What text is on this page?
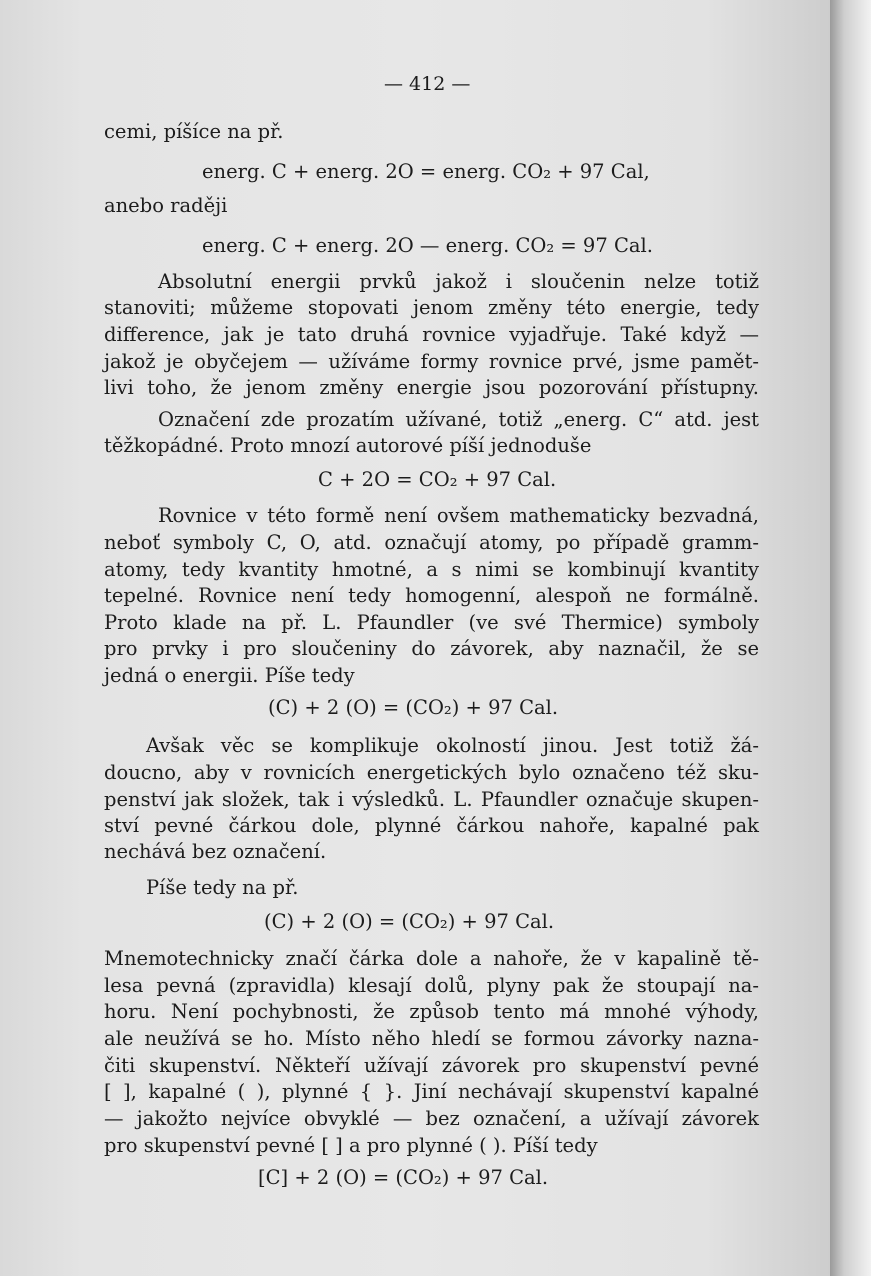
— 412 —
cemi, píšíce na př.
energ. C + energ. 2O = energ. CO₂ + 97 Cal,
anebo raději
energ. C + energ. 2O — energ. CO₂ = 97 Cal.
Absolutní energii prvků jakož i sloučenin nelze totiž
stanoviti; můžeme stopovati jenom změny této energie, tedy
difference, jak je tato druhá rovnice vyjadřuje. Také když —
jakož je obyčejem — užíváme formy rovnice prvé, jsme pamět-
livi toho, že jenom změny energie jsou pozorování přístupny.
Označení zde prozatím užívané, totiž „energ. C“ atd. jest
těžkopádné. Proto mnozí autorové píší jednoduše
C + 2O = CO₂ + 97 Cal.
Rovnice v této formě není ovšem mathematicky bezvadná,
neboť symboly C, O, atd. označují atomy, po případě gramm-
atomy, tedy kvantity hmotné, a s nimi se kombinují kvantity
tepelné. Rovnice není tedy homogenní, alespoň ne formálně.
Proto klade na př. L. Pfaundler (ve své Thermice) symboly
pro prvky i pro sloučeniny do závorek, aby naznačil, že se
jedná o energii. Píše tedy
(C) + 2 (O) = (CO₂) + 97 Cal.
Avšak věc se komplikuje okolností jinou. Jest totiž žá-
doucno, aby v rovnicích energetických bylo označeno též sku-
penství jak složek, tak i výsledků. L. Pfaundler označuje skupen-
ství pevné čárkou dole, plynné čárkou nahoře, kapalné pak
nechává bez označení.
Píše tedy na př.
(C) + 2 (O) = (CO₂) + 97 Cal.
Mnemotechnicky značí čárka dole a nahoře, že v kapalině tě-
lesa pevná (zpravidla) klesají dolů, plyny pak že stoupají na-
horu. Není pochybnosti, že způsob tento má mnohé výhody,
ale neužívá se ho. Místo něho hledí se formou závorky nazna-
čiti skupenství. Někteří užívají závorek pro skupenství pevné
[ ], kapalné ( ), plynné { }. Jiní nechávají skupenství kapalné
— jakožto nejvíce obvyklé — bez označení, a užívají závorek
pro skupenství pevné [ ] a pro plynné ( ). Píší tedy
[C] + 2 (O) = (CO₂) + 97 Cal.
